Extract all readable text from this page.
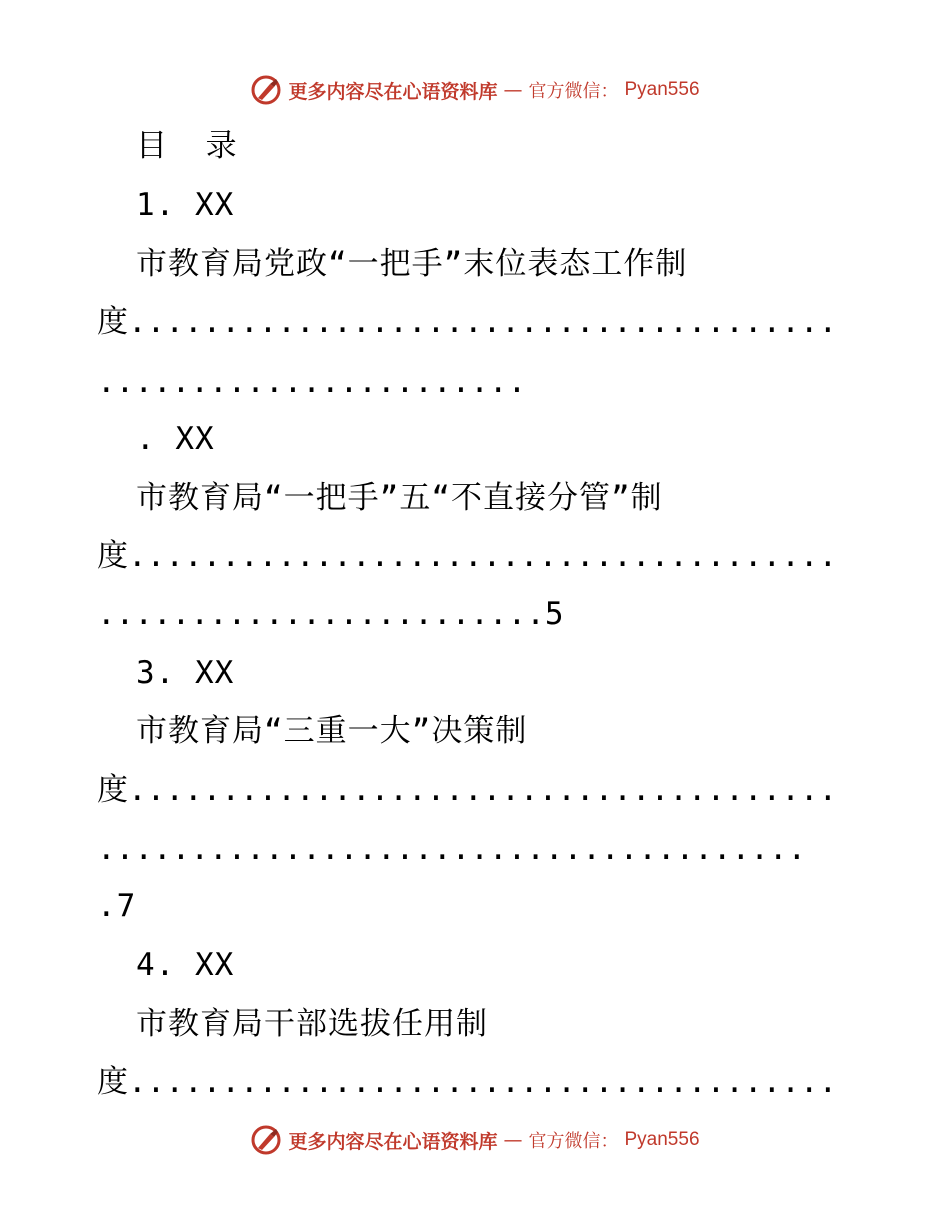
更多内容尽在心语资料库 — 官方微信： Pyan556
目 录
1. XX
市教育局党政“一把手”末位表态工作制
度......................................
.......................
. XX
市教育局“一把手”五“不直接分管”制
度......................................
........................5
3. XX
市教育局“三重一大”决策制
度......................................
......................................
.7
4. XX
市教育局干部选拔任用制
度......................................
更多内容尽在心语资料库 — 官方微信： Pyan556
